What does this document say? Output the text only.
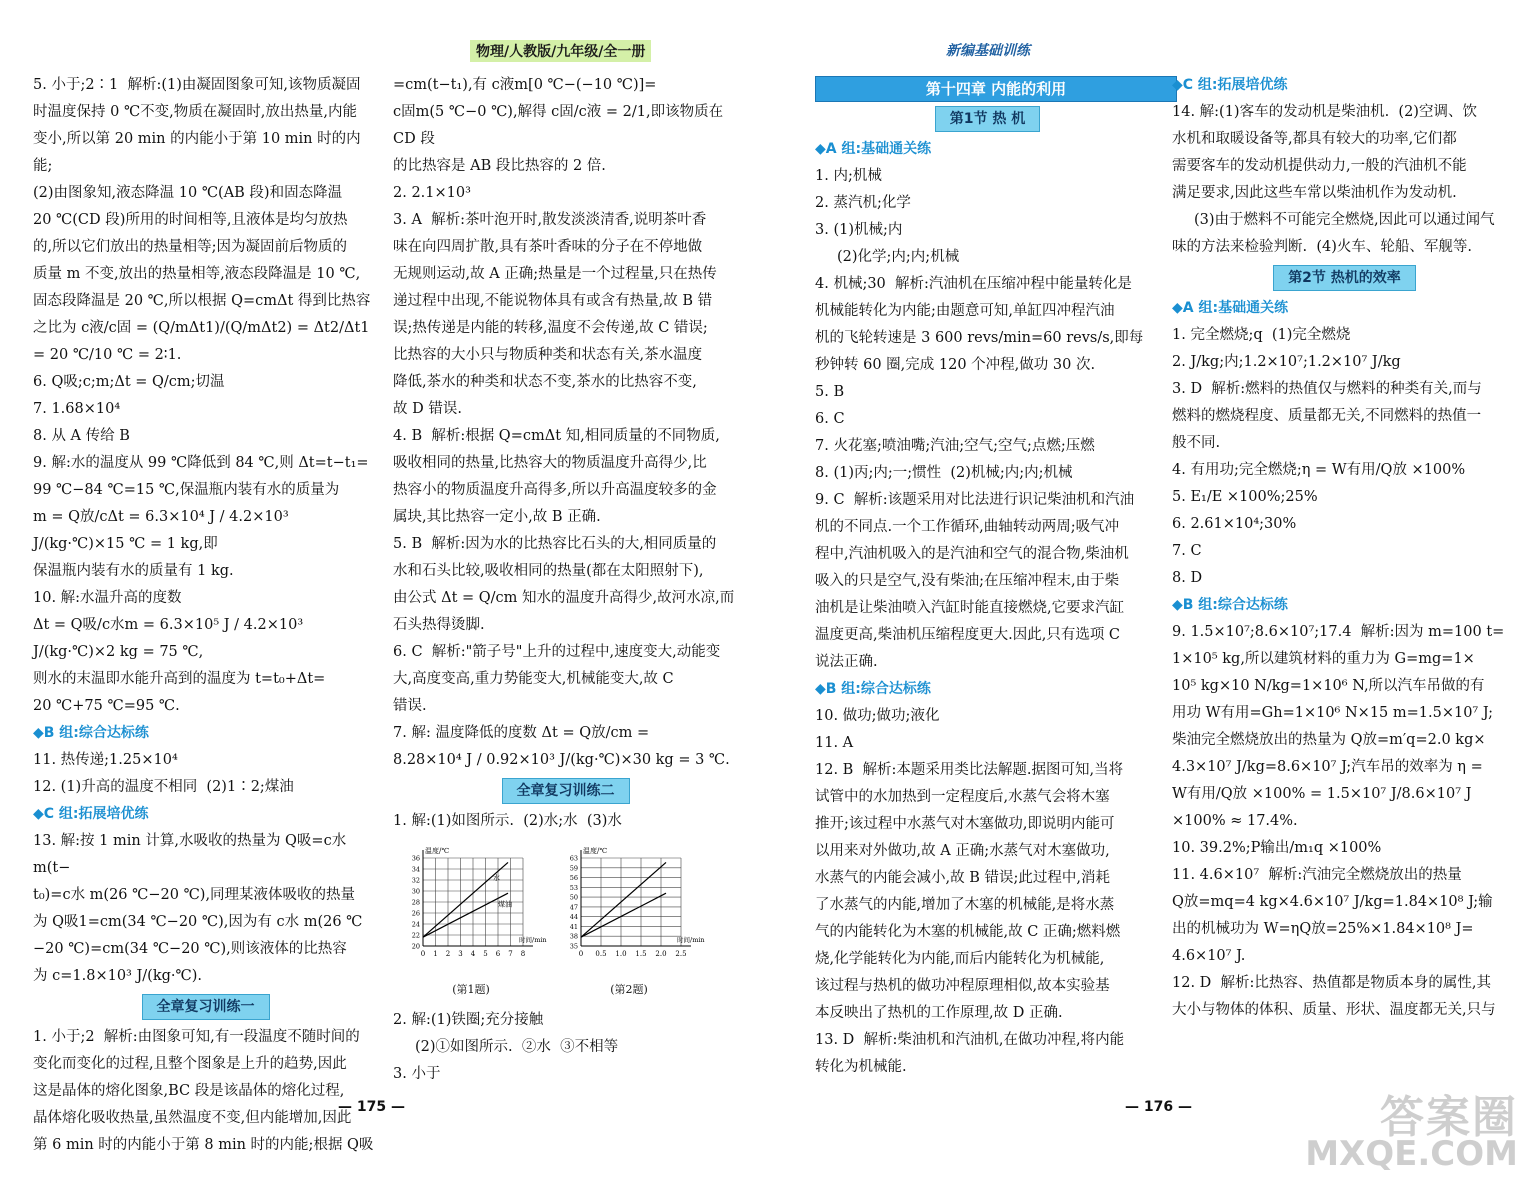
物理/人教版/九年级/全一册	新编基础训练

5. 小于;2∶1  解析:(1)由凝固图象可知,该物质凝固

时温度保持 0 ℃不变,物质在凝固时,放出热量,内能

变小,所以第 20 min 的内能小于第 10 min 时的内能;

(2)由图象知,液态降温 10 ℃(AB 段)和固态降温

20 ℃(CD 段)所用的时间相等,且液体是均匀放热

的,所以它们放出的热量相等;因为凝固前后物质的

质量 m 不变,放出的热量相等,液态段降温是 10 ℃,

固态段降温是 20 ℃,所以根据 Q=cmΔt 得到比热容

之比为 c液/c固 = (Q/mΔt1)/(Q/mΔt2) = Δt2/Δt1 = 20 ℃/10 ℃ = 2∶1.

6. Q吸;c;m;Δt = Q/cm;切温

7. 1.68×10⁴

8. 从 A 传给 B

9. 解:水的温度从 99 ℃降低到 84 ℃,则 Δt=t−t₁=

99 ℃−84 ℃=15 ℃,保温瓶内装有水的质量为

m = Q放/cΔt = 6.3×10⁴ J / 4.2×10³ J/(kg·℃)×15 ℃ = 1 kg,即

保温瓶内装有水的质量有 1 kg.

10. 解:水温升高的度数

Δt = Q吸/c水m = 6.3×10⁵ J / 4.2×10³ J/(kg·℃)×2 kg = 75 ℃,

则水的末温即水能升高到的温度为 t=t₀+Δt=

20 ℃+75 ℃=95 ℃.

◆B 组:综合达标练

11. 热传递;1.25×10⁴

12. (1)升高的温度不相同  (2)1∶2;煤油

◆C 组:拓展培优练

13. 解:按 1 min 计算,水吸收的热量为 Q吸=c水 m(t−

t₀)=c水 m(26 ℃−20 ℃),同理某液体吸收的热量

为 Q吸1=cm(34 ℃−20 ℃),因为有 c水 m(26 ℃

−20 ℃)=cm(34 ℃−20 ℃),则该液体的比热容

为 c=1.8×10³ J/(kg·℃).

全章复习训练一

1. 小于;2  解析:由图象可知,有一段温度不随时间的

变化而变化的过程,且整个图象是上升的趋势,因此

这是晶体的熔化图象,BC 段是该晶体的熔化过程,

晶体熔化吸收热量,虽然温度不变,但内能增加,因此

第 6 min 时的内能小于第 8 min 时的内能;根据 Q吸

=cm(t−t₁),有 c液m[0 ℃−(−10 ℃)]=

c固m(5 ℃−0 ℃),解得 c固/c液 = 2/1,即该物质在 CD 段

的比热容是 AB 段比热容的 2 倍.

2. 2.1×10³

3. A  解析:茶叶泡开时,散发淡淡清香,说明茶叶香

味在向四周扩散,具有茶叶香味的分子在不停地做

无规则运动,故 A 正确;热量是一个过程量,只在热传

递过程中出现,不能说物体具有或含有热量,故 B 错

误;热传递是内能的转移,温度不会传递,故 C 错误;

比热容的大小只与物质种类和状态有关,茶水温度

降低,茶水的种类和状态不变,茶水的比热容不变,

故 D 错误.

4. B  解析:根据 Q=cmΔt 知,相同质量的不同物质,

吸收相同的热量,比热容大的物质温度升高得少,比

热容小的物质温度升高得多,所以升高温度较多的金

属块,其比热容一定小,故 B 正确.

5. B  解析:因为水的比热容比石头的大,相同质量的

水和石头比较,吸收相同的热量(都在太阳照射下),

由公式 Δt = Q/cm 知水的温度升高得少,故河水凉,而

石头热得烫脚.

6. C  解析:"箭子号"上升的过程中,速度变大,动能变

大,高度变高,重力势能变大,机械能变大,故 C

错误.

7. 解: 温度降低的度数 Δt = Q放/cm =

8.28×10⁴ J / 0.92×10³ J/(kg·℃)×30 kg = 3 ℃.

全章复习训练二

1. 解:(1)如图所示.  (2)水;水  (3)水

0 1 2 3 4 5 6 7 8
20
22
24
26
28
30
32
34
36
温度/℃
时间/min
水
煤油
(第1题)
0 0.5 1.0 1.5 2.0 2.5
35
38
41
44
47
50
53
56
59
63
温度/℃
时间/min
(第2题)

2. 解:(1)铁圈;充分接触

(2)①如图所示.  ②水  ③不相等

3. 小于

第十四章 内能的利用
第1节 热 机

◆A 组:基础通关练

1. 内;机械

2. 蒸汽机;化学

3. (1)机械;内

(2)化学;内;内;机械

4. 机械;30  解析:汽油机在压缩冲程中能量转化是

机械能转化为内能;由题意可知,单缸四冲程汽油

机的飞轮转速是 3 600 revs/min=60 revs/s,即每

秒钟转 60 圈,完成 120 个冲程,做功 30 次.

5. B

6. C

7. 火花塞;喷油嘴;汽油;空气;空气;点燃;压燃

8. (1)丙;内;一;惯性  (2)机械;内;内;机械

9. C  解析:该题采用对比法进行识记柴油机和汽油

机的不同点.一个工作循环,曲轴转动两周;吸气冲

程中,汽油机吸入的是汽油和空气的混合物,柴油机

吸入的只是空气,没有柴油;在压缩冲程末,由于柴

油机是让柴油喷入汽缸时能直接燃烧,它要求汽缸

温度更高,柴油机压缩程度更大.因此,只有选项 C

说法正确.

◆B 组:综合达标练

10. 做功;做功;液化

11. A

12. B  解析:本题采用类比法解题.据图可知,当将

试管中的水加热到一定程度后,水蒸气会将木塞

推开;该过程中水蒸气对木塞做功,即说明内能可

以用来对外做功,故 A 正确;水蒸气对木塞做功,

水蒸气的内能会减小,故 B 错误;此过程中,消耗

了水蒸气的内能,增加了木塞的机械能,是将水蒸

气的内能转化为木塞的机械能,故 C 正确;燃料燃

烧,化学能转化为内能,而后内能转化为机械能,

该过程与热机的做功冲程原理相似,故本实验基

本反映出了热机的工作原理,故 D 正确.

13. D  解析:柴油机和汽油机,在做功冲程,将内能

转化为机械能.

◆C 组:拓展培优练

14. 解:(1)客车的发动机是柴油机.  (2)空调、饮

水机和取暖设备等,都具有较大的功率,它们都

需要客车的发动机提供动力,一般的汽油机不能

满足要求,因此这些车常以柴油机作为发动机.

(3)由于燃料不可能完全燃烧,因此可以通过闻气

味的方法来检验判断.  (4)火车、轮船、军舰等.

第2节 热机的效率

◆A 组:基础通关练

1. 完全燃烧;q  (1)完全燃烧

2. J/kg;内;1.2×10⁷;1.2×10⁷ J/kg

3. D  解析:燃料的热值仅与燃料的种类有关,而与

燃料的燃烧程度、质量都无关,不同燃料的热值一

般不同.

4. 有用功;完全燃烧;η = W有用/Q放 ×100%

5. E₁/E ×100%;25%

6. 2.61×10⁴;30%

7. C

8. D

◆B 组:综合达标练

9. 1.5×10⁷;8.6×10⁷;17.4  解析:因为 m=100 t=

1×10⁵ kg,所以建筑材料的重力为 G=mg=1×

10⁵ kg×10 N/kg=1×10⁶ N,所以汽车吊做的有

用功 W有用=Gh=1×10⁶ N×15 m=1.5×10⁷ J;

柴油完全燃烧放出的热量为 Q放=m′q=2.0 kg×

4.3×10⁷ J/kg=8.6×10⁷ J;汽车吊的效率为 η =

W有用/Q放 ×100% = 1.5×10⁷ J/8.6×10⁷ J ×100% ≈ 17.4%.

10. 39.2%;P输出/m₁q ×100%

11. 4.6×10⁷  解析:汽油完全燃烧放出的热量

Q放=mq=4 kg×4.6×10⁷ J/kg=1.84×10⁸ J;输

出的机械功为 W=ηQ放=25%×1.84×10⁸ J=

4.6×10⁷ J.

12. D  解析:比热容、热值都是物质本身的属性,其

大小与物体的体积、质量、形状、温度都无关,只与

— 175 —	— 176 —	答案圈
MXQE.COM
